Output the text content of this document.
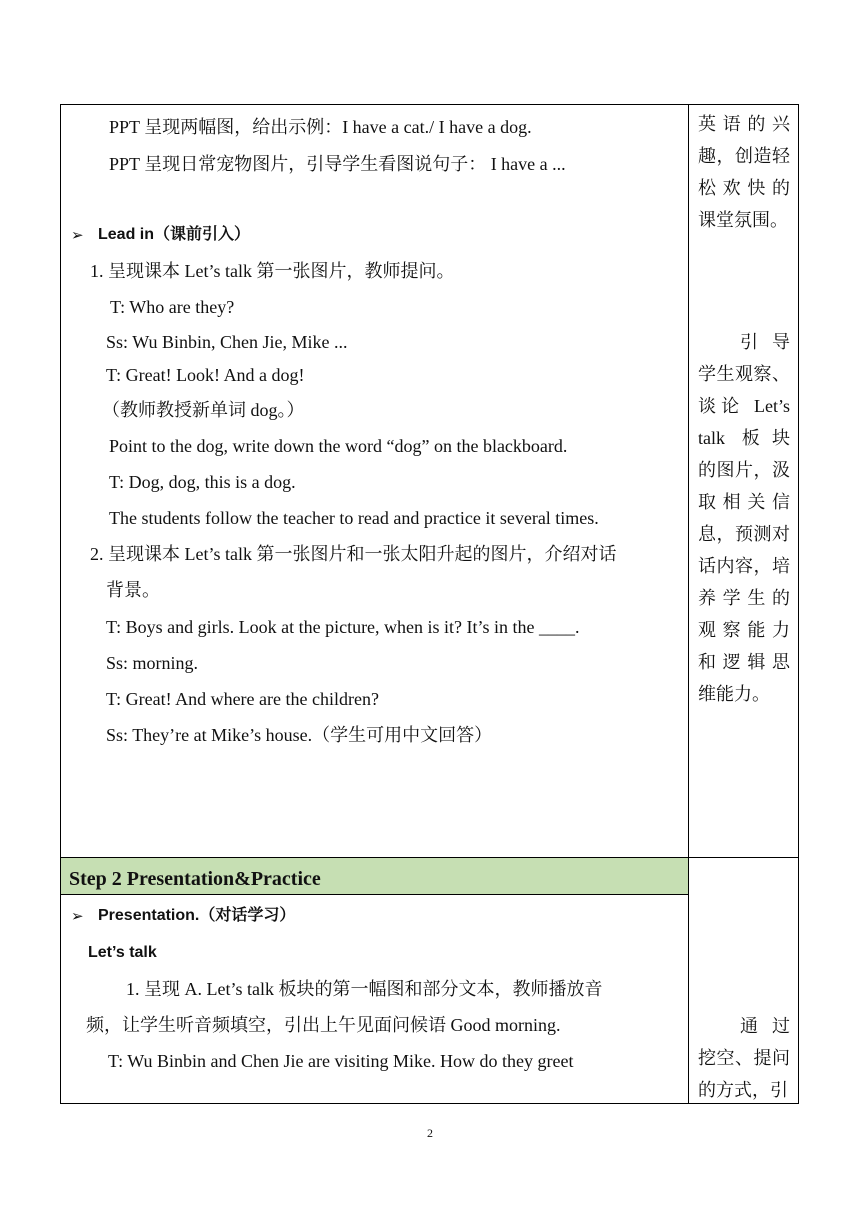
PPT 呈现两幅图，给出示例：I have a cat./ I have a dog.
PPT 呈现日常宠物图片，引导学生看图说句子： I have a ...
➢ Lead in（课前引入）
1. 呈现课本 Let’s talk 第一张图片，教师提问。
T: Who are they?
Ss: Wu Binbin, Chen Jie, Mike ...
T: Great! Look! And a dog!
（教师教授新单词 dog。）
Point to the dog, write down the word “dog” on the blackboard.
T: Dog, dog, this is a dog.
The students follow the teacher to read and practice it several times.
2. 呈现课本 Let’s talk 第一张图片和一张太阳升起的图片，介绍对话
背景。
T: Boys and girls. Look at the picture, when is it? It’s in the ____.
Ss: morning.
T: Great! And where are the children?
Ss: They’re at Mike’s house.（学生可用中文回答）
Step 2 Presentation&Practice
➢ Presentation.（对话学习）
Let’s talk
1. 呈现 A. Let’s talk 板块的第一幅图和部分文本，教师播放音
频，让学生听音频填空，引出上午见面问候语 Good morning.
T: Wu Binbin and Chen Jie are visiting Mike. How do they greet
英语的兴
趣，创造轻
松欢快的
课堂氛围。
引导
学生观察、
谈论 Let’s
talk 板块
的图片，汲
取相关信
息，预测对
话内容，培
养学生的
观察能力
和逻辑思
维能力。
通过
挖空、提问
的方式，引
2
